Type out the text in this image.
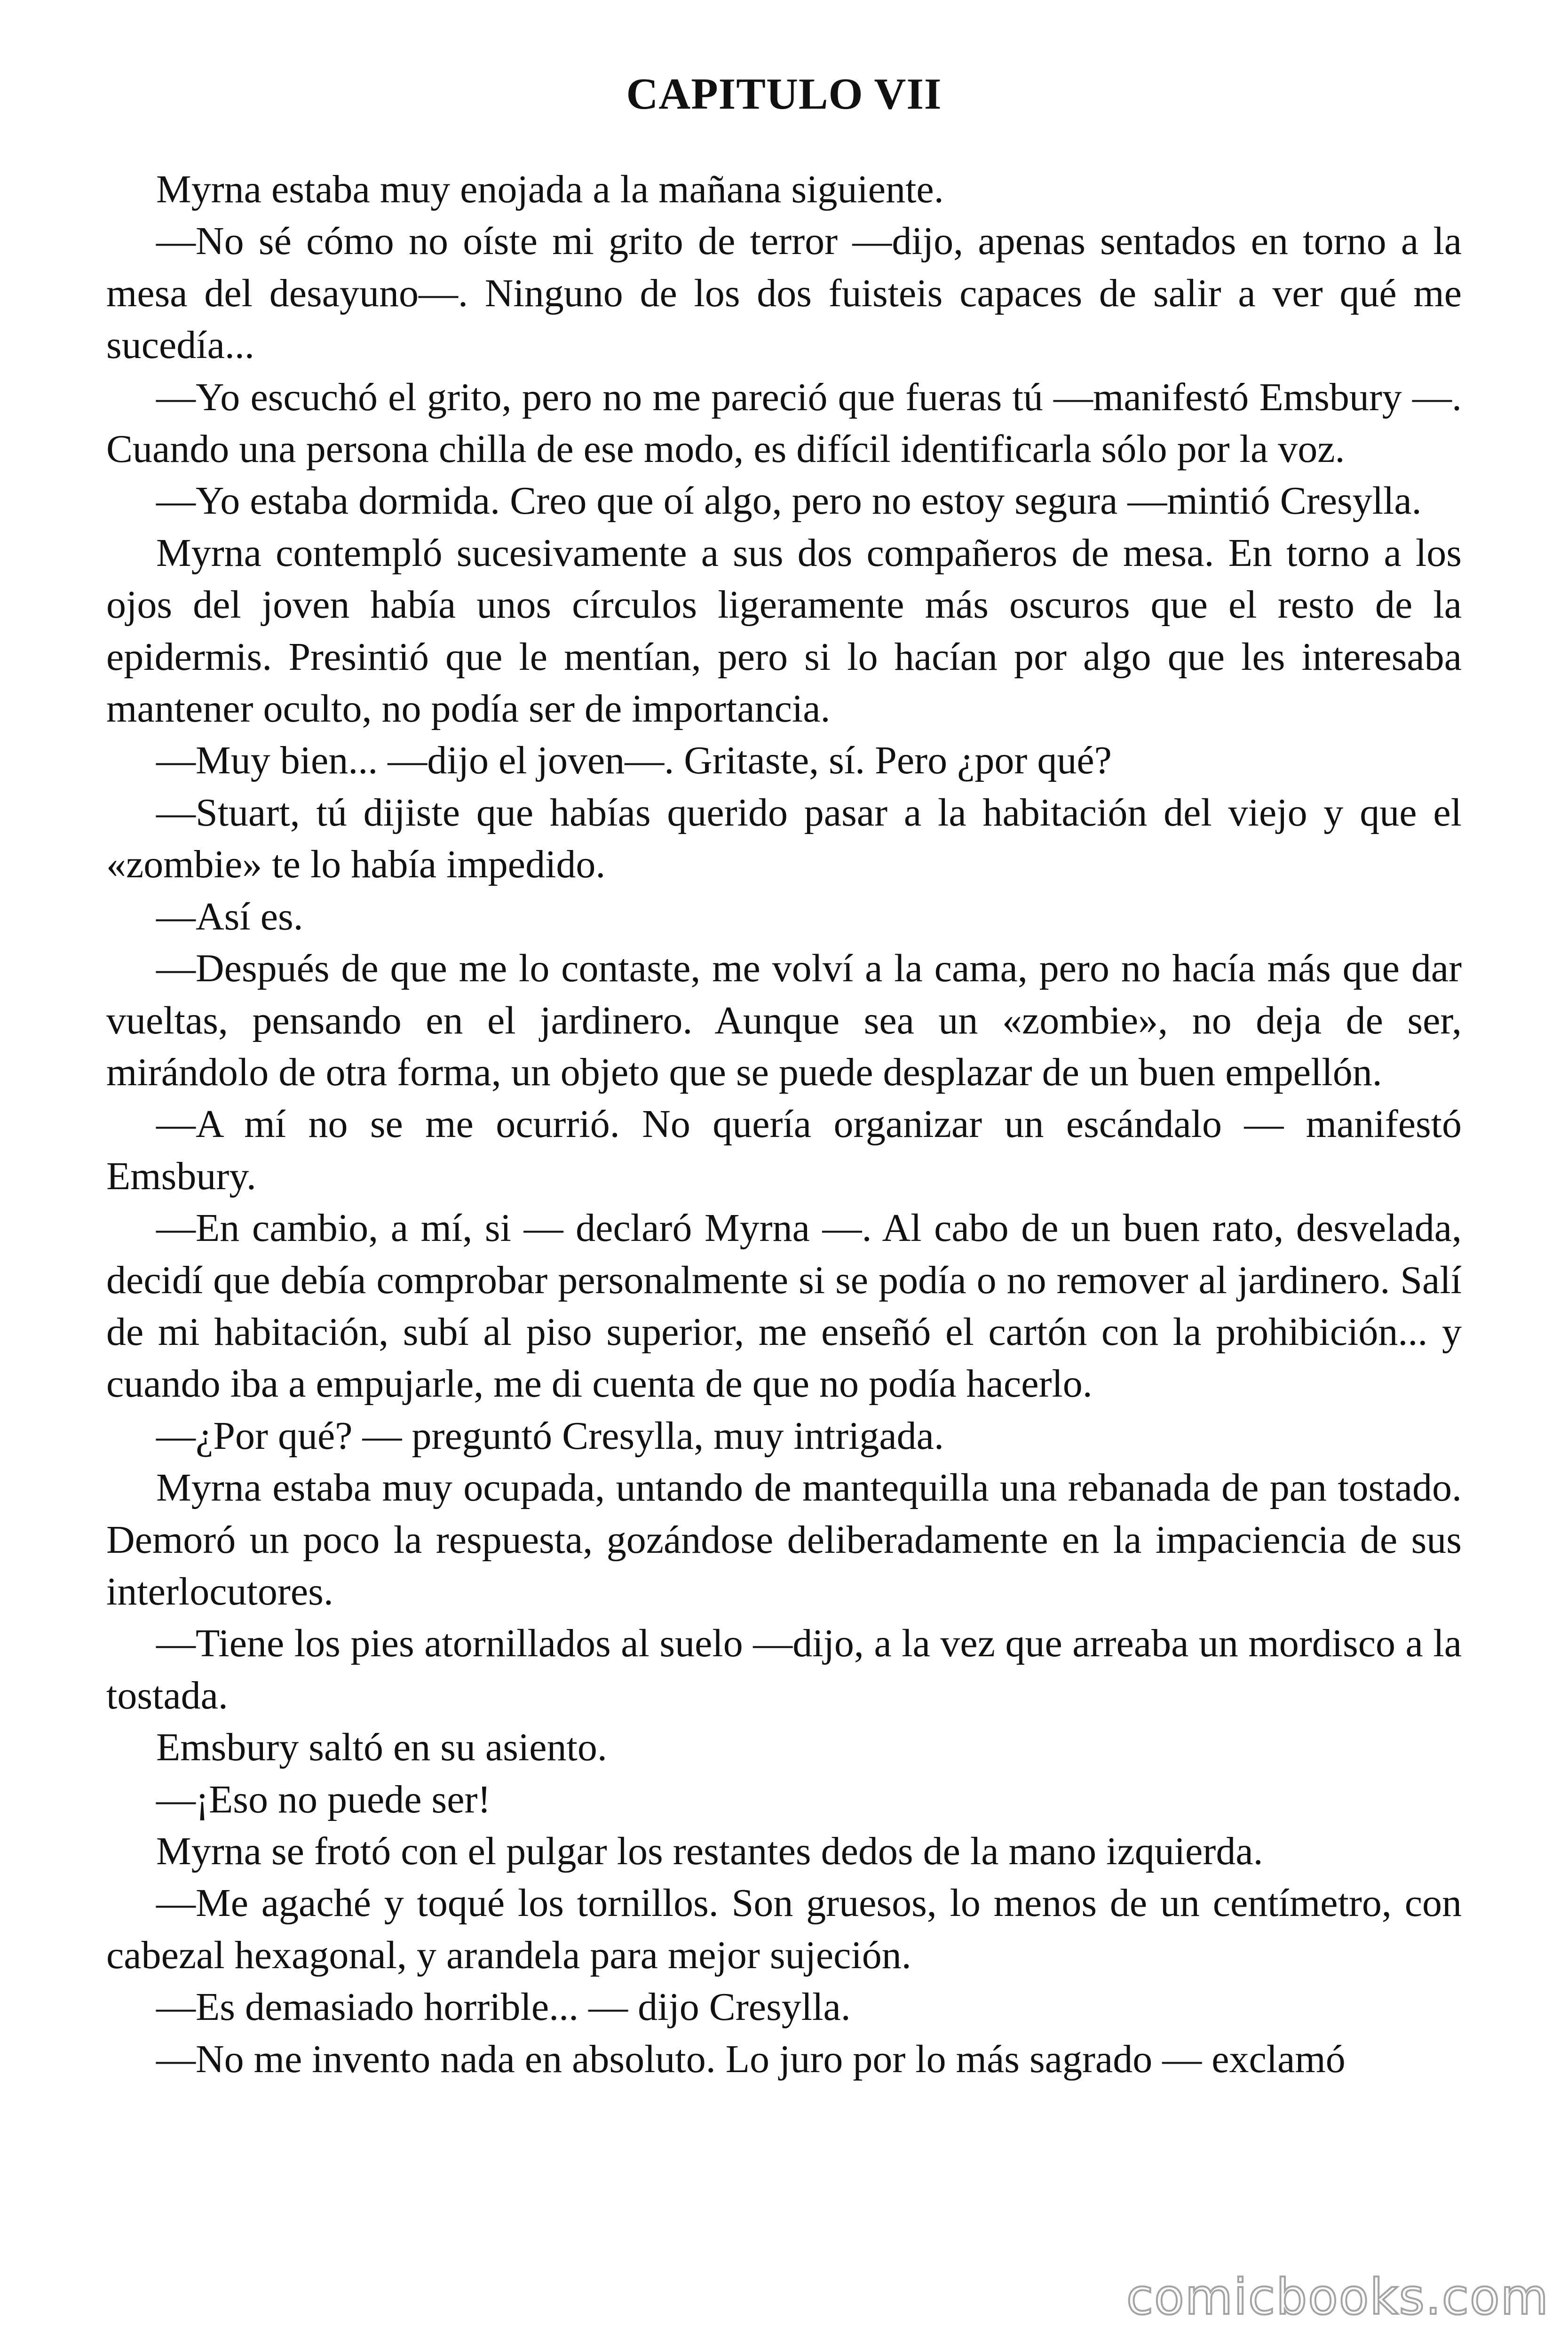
CAPITULO VII

Myrna estaba muy enojada a la mañana siguiente.

—No sé cómo no oíste mi grito de terror —dijo, apenas sentados en torno a la mesa del desayuno—. Ninguno de los dos fuisteis capaces de salir a ver qué me sucedía...

—Yo escuchó el grito, pero no me pareció que fueras tú —manifestó Emsbury —. Cuando una persona chilla de ese modo, es difícil identificarla sólo por la voz.

—Yo estaba dormida. Creo que oí algo, pero no estoy segura —mintió Cresylla.

Myrna contempló sucesivamente a sus dos compañeros de mesa. En torno a los ojos del joven había unos círculos ligeramente más oscuros que el resto de la epidermis. Presintió que le mentían, pero si lo hacían por algo que les interesaba mantener oculto, no podía ser de importancia.

—Muy bien... —dijo el joven—. Gritaste, sí. Pero ¿por qué?

—Stuart, tú dijiste que habías querido pasar a la habitación del viejo y que el «zombie» te lo había impedido.

—Así es.

—Después de que me lo contaste, me volví a la cama, pero no hacía más que dar vueltas, pensando en el jardinero. Aunque sea un «zombie», no deja de ser, mirándolo de otra forma, un objeto que se puede desplazar de un buen empellón.

—A mí no se me ocurrió. No quería organizar un escándalo — manifestó Emsbury.

—En cambio, a mí, si — declaró Myrna —. Al cabo de un buen rato, desvelada, decidí que debía comprobar personalmente si se podía o no remover al jardinero. Salí de mi habitación, subí al piso superior, me enseñó el cartón con la prohibición... y cuando iba a empujarle, me di cuenta de que no podía hacerlo.

—¿Por qué? — preguntó Cresylla, muy intrigada.

Myrna estaba muy ocupada, untando de mantequilla una rebanada de pan tostado. Demoró un poco la respuesta, gozándose deliberadamente en la impaciencia de sus interlocutores.

—Tiene los pies atornillados al suelo —dijo, a la vez que arreaba un mordisco a la tostada.

Emsbury saltó en su asiento.

—¡Eso no puede ser!

Myrna se frotó con el pulgar los restantes dedos de la mano izquierda.

—Me agaché y toqué los tornillos. Son gruesos, lo menos de un centímetro, con cabezal hexagonal, y arandela para mejor sujeción.

—Es demasiado horrible... — dijo Cresylla.

—No me invento nada en absoluto. Lo juro por lo más sagrado — exclamó

comicbooks.com
